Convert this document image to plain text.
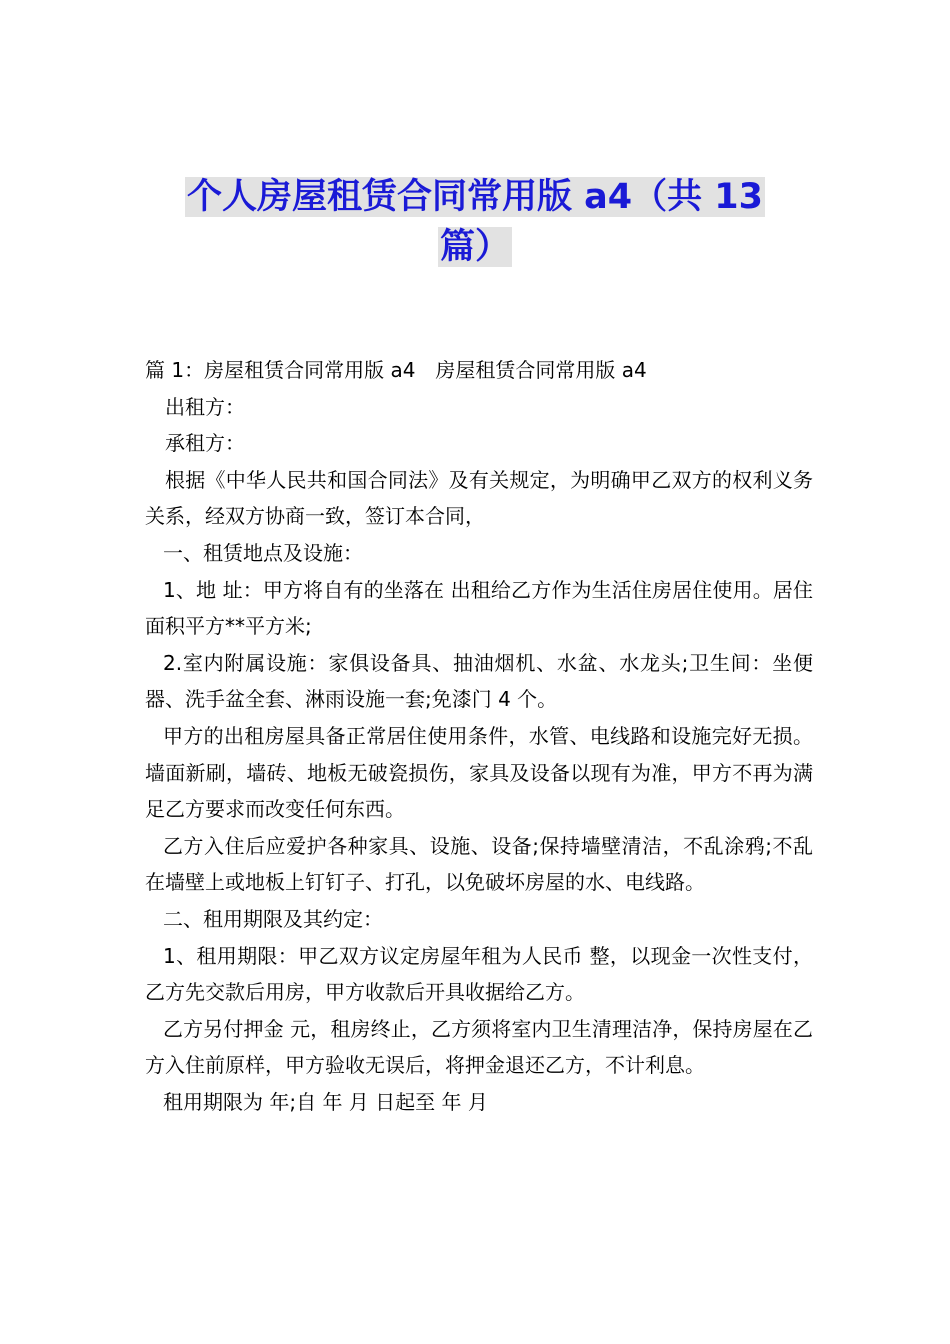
个人房屋租赁合同常用版 a4（共 13
篇）

篇 1：房屋租赁合同常用版 a4　房屋租赁合同常用版 a4

出租方：

承租方：

根据《中华人民共和国合同法》及有关规定，为明确甲乙双方的权利义务关系，经双方协商一致，签订本合同，

一、租赁地点及设施：

1、地 址：甲方将自有的坐落在 出租给乙方作为生活住房居住使用。居住面积平方**平方米;

2.室内附属设施：家俱设备具、抽油烟机、水盆、水龙头;卫生间：坐便器、洗手盆全套、淋雨设施一套;免漆门 4 个。

甲方的出租房屋具备正常居住使用条件，水管、电线路和设施完好无损。墙面新刷，墙砖、地板无破瓷损伤，家具及设备以现有为准，甲方不再为满足乙方要求而改变任何东西。

乙方入住后应爱护各种家具、设施、设备;保持墙壁清洁，不乱涂鸦;不乱在墙壁上或地板上钉钉子、打孔，以免破坏房屋的水、电线路。

二、租用期限及其约定：

1、租用期限：甲乙双方议定房屋年租为人民币 整，以现金一次性支付，乙方先交款后用房，甲方收款后开具收据给乙方。

乙方另付押金 元，租房终止，乙方须将室内卫生清理洁净，保持房屋在乙方入住前原样，甲方验收无误后，将押金退还乙方，不计利息。

租用期限为 年;自 年 月 日起至 年 月
